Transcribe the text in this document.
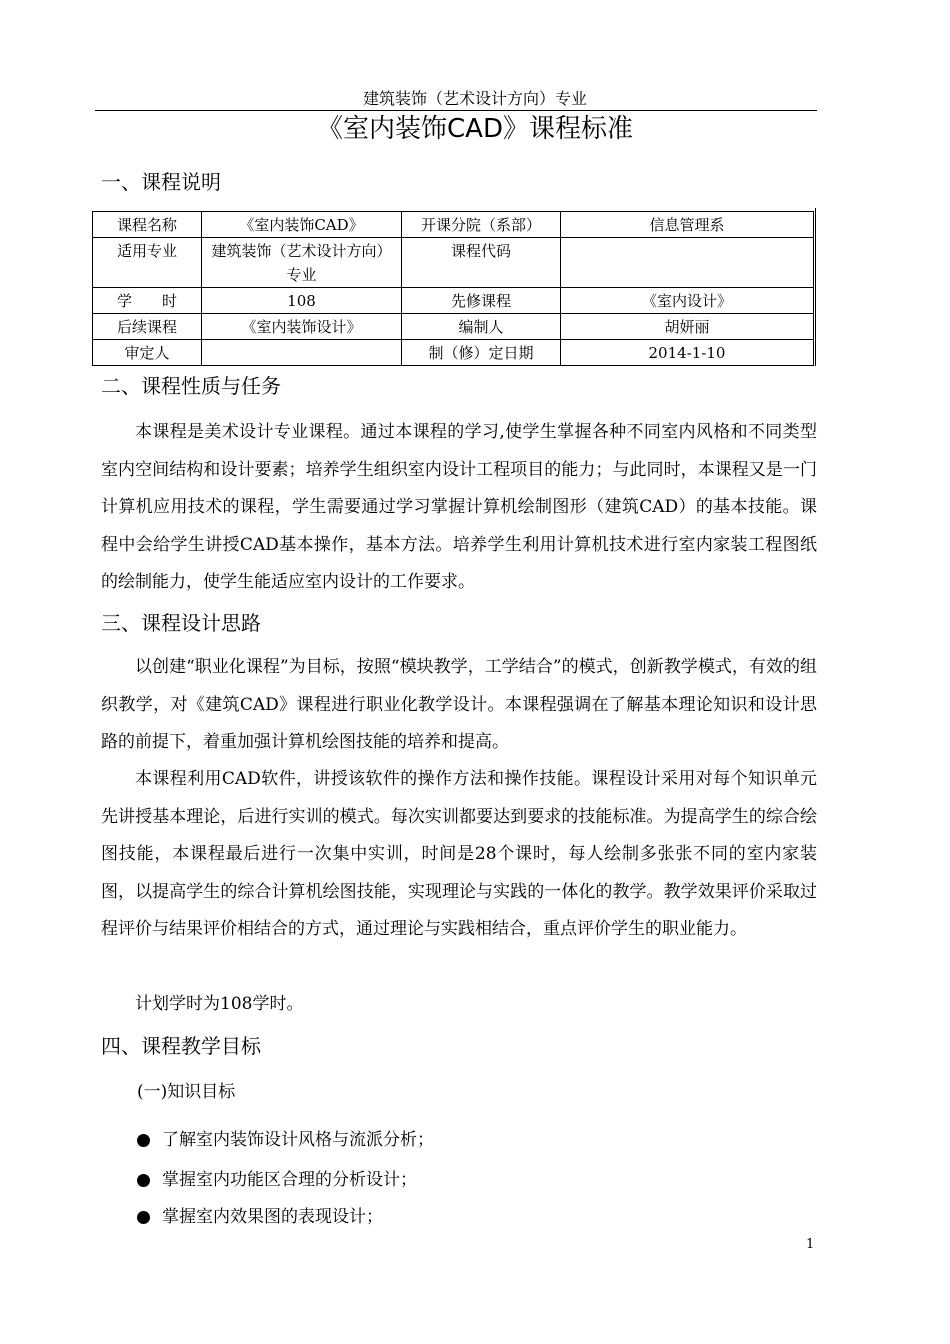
建筑装饰（艺术设计方向）专业
《室内装饰CAD》课程标准
一、课程说明
课程名称	《室内装饰CAD》	开课分院（系部）	信息管理系
适用专业	建筑装饰（艺术设计方向）专业	课程代码	
学　　时	108	先修课程	《室内设计》
后续课程	《室内装饰设计》	编制人	胡妍丽
审定人		制（修）定日期	2014-1-10
二、课程性质与任务

本课程是美术设计专业课程。通过本课程的学习,使学生掌握各种不同室内风格和不同类型室内空间结构和设计要素；培养学生组织室内设计工程项目的能力；与此同时，本课程又是一门计算机应用技术的课程，学生需要通过学习掌握计算机绘制图形（建筑CAD）的基本技能。课程中会给学生讲授CAD基本操作，基本方法。培养学生利用计算机技术进行室内家装工程图纸的绘制能力，使学生能适应室内设计的工作要求。

三、课程设计思路

以创建“职业化课程”为目标，按照“模块教学，工学结合”的模式，创新教学模式，有效的组织教学，对《建筑CAD》课程进行职业化教学设计。本课程强调在了解基本理论知识和设计思路的前提下，着重加强计算机绘图技能的培养和提高。

本课程利用CAD软件，讲授该软件的操作方法和操作技能。课程设计采用对每个知识单元先讲授基本理论，后进行实训的模式。每次实训都要达到要求的技能标准。为提高学生的综合绘图技能，本课程最后进行一次集中实训，时间是28个课时，每人绘制多张张不同的室内家装图，以提高学生的综合计算机绘图技能，实现理论与实践的一体化的教学。教学效果评价采取过程评价与结果评价相结合的方式，通过理论与实践相结合，重点评价学生的职业能力。

计划学时为108学时。

四、课程教学目标
(一)知识目标
了解室内装饰设计风格与流派分析；
掌握室内功能区合理的分析设计；
掌握室内效果图的表现设计；
1
